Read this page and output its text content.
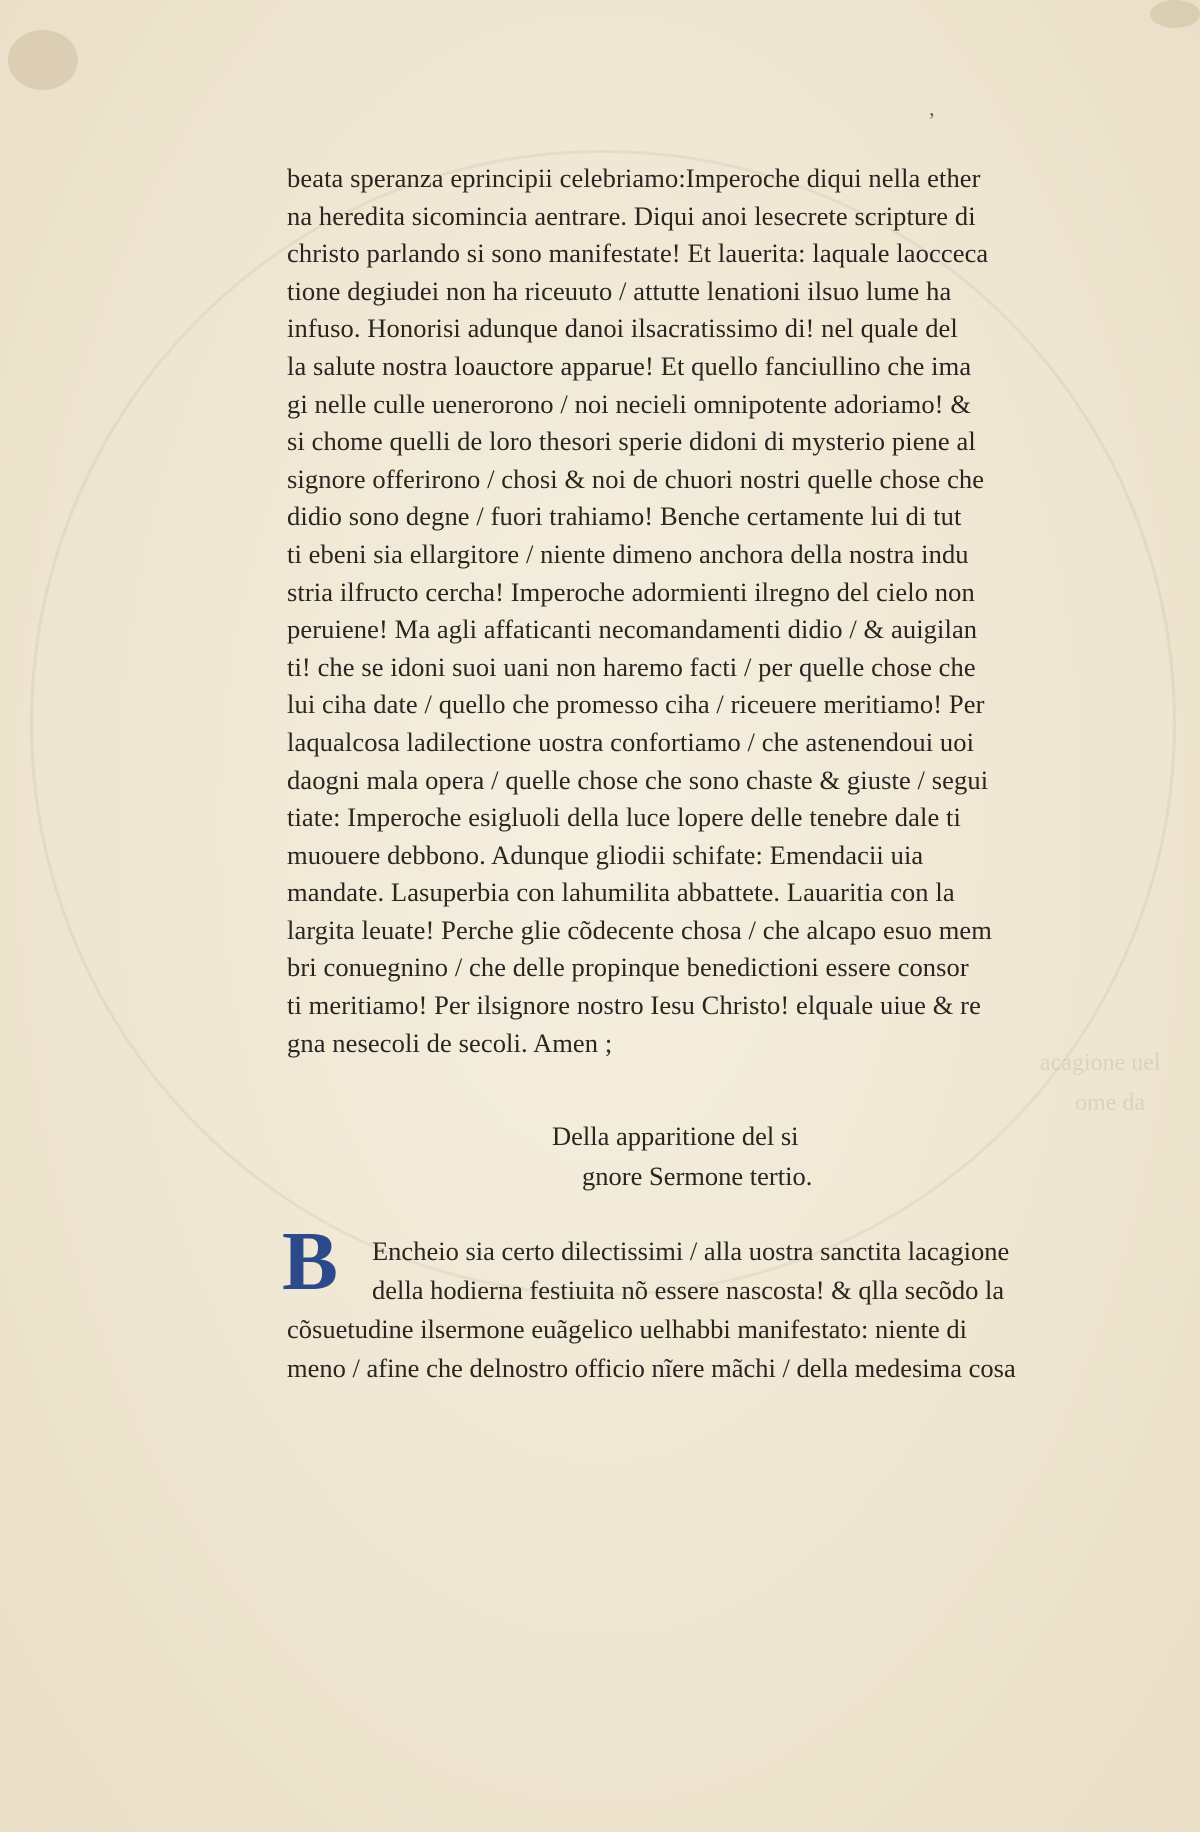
ʼ
acagione uel
ome da
beata speranza eprincipii celebriamo:Imperoche diqui nella ether
na heredita sicomincia aentrare. Diqui anoi lesecrete scripture di
christo parlando si sono manifestate! Et lauerita: laquale laocceca
tione degiudei non ha riceuuto / attutte lenationi ilsuo lume ha
infuso. Honorisi adunque danoi ilsacratissimo di! nel quale del
la salute nostra loauctore apparue! Et quello fanciullino che ima
gi nelle culle ueneroronо / noi necieli omnipotente adoriamo! &
si chome quelli de loro thesori sperie didoni di mysterio piene al
signore offerirono / chosi & noi de chuori nostri quelle chose che
didio sono degne / fuori trahiamo! Benche certamente lui di tut
ti ebeni sia ellargitore / niente dimeno anchora della nostra indu
stria ilfructo cercha! Imperoche adormienti ilregno del cielo non
peruiene! Ma agli affaticanti necomandamenti didio / & auigilan
ti! che se idoni suoi uani non haremo facti / per quelle chose che
lui ciha date / quello che promesso ciha / riceuere meritiamo! Per
laqualcosa ladilectione uostra confortiamo / che astenendoui uoi
daogni mala opera / quelle chose che sono chaste & giuste / segui
tiate: Imperoche esigluoli della luce lopere delle tenebre dale ti
muouere debbono. Adunque gliodii schifate: Emendacii uia
mandate. Lasuperbia con lahumilita abbattete. Lauaritia con la
largita leuate! Perche glie cõdecente chosa / che alcapo esuo mem
bri conuegnino / che delle propinque benedictioni essere consor
ti meritiamo! Per ilsignore nostro Iesu Christo! elquale uiue & re
gna nesecoli de secoli. Amen ;
Della apparitione del si
gnore Sermone tertio.
B	Encheio sia certo dilectissimi / alla uostra sanctita lacagione
della hodierna festiuita nõ essere nascosta! & qlla secõdo la
cõsuetudine ilsermone euãgelico uelhabbi manifestato: niente di
meno / afine che delnostro officio nĩere mãchi / della medesima cosa
